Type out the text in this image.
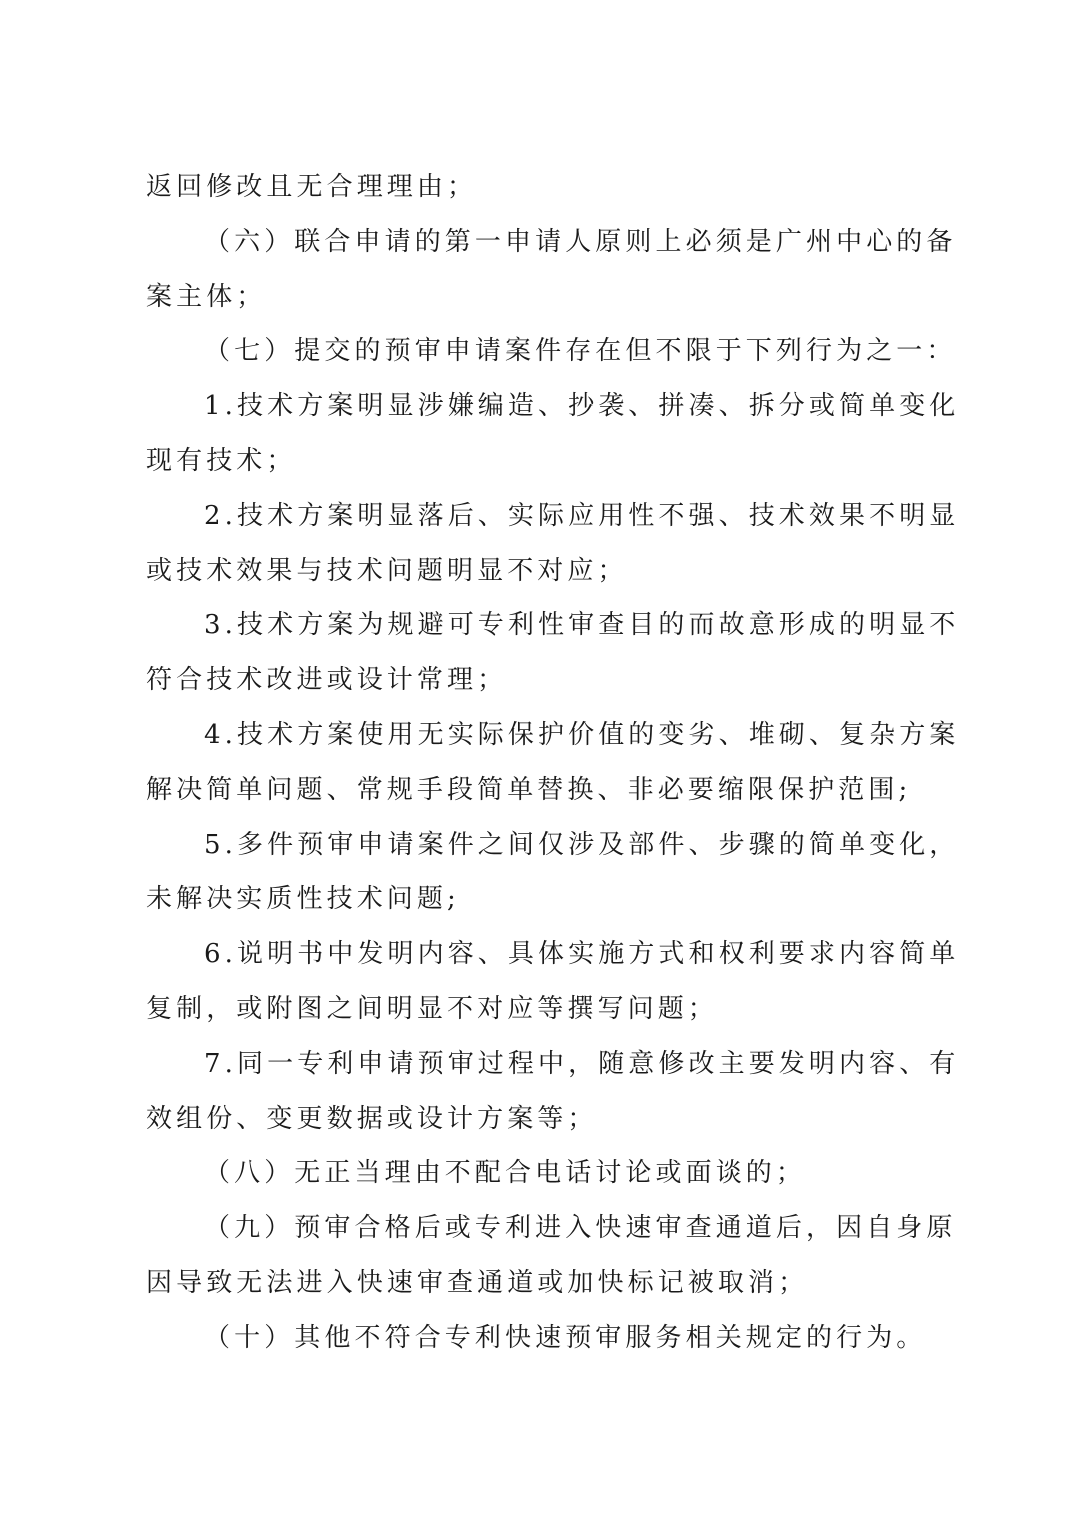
返回修改且无合理理由；
（六）联合申请的第一申请人原则上必须是广州中心的备
案主体；
（七）提交的预审申请案件存在但不限于下列行为之一：
1.技术方案明显涉嫌编造、抄袭、拼凑、拆分或简单变化
现有技术；
2.技术方案明显落后、实际应用性不强、技术效果不明显
或技术效果与技术问题明显不对应；
3.技术方案为规避可专利性审查目的而故意形成的明显不
符合技术改进或设计常理；
4.技术方案使用无实际保护价值的变劣、堆砌、复杂方案
解决简单问题、常规手段简单替换、非必要缩限保护范围;
5.多件预审申请案件之间仅涉及部件、步骤的简单变化，
未解决实质性技术问题;
6.说明书中发明内容、具体实施方式和权利要求内容简单
复制，或附图之间明显不对应等撰写问题；
7.同一专利申请预审过程中，随意修改主要发明内容、有
效组份、变更数据或设计方案等；
（八）无正当理由不配合电话讨论或面谈的；
（九）预审合格后或专利进入快速审查通道后，因自身原
因导致无法进入快速审查通道或加快标记被取消；
（十）其他不符合专利快速预审服务相关规定的行为。
